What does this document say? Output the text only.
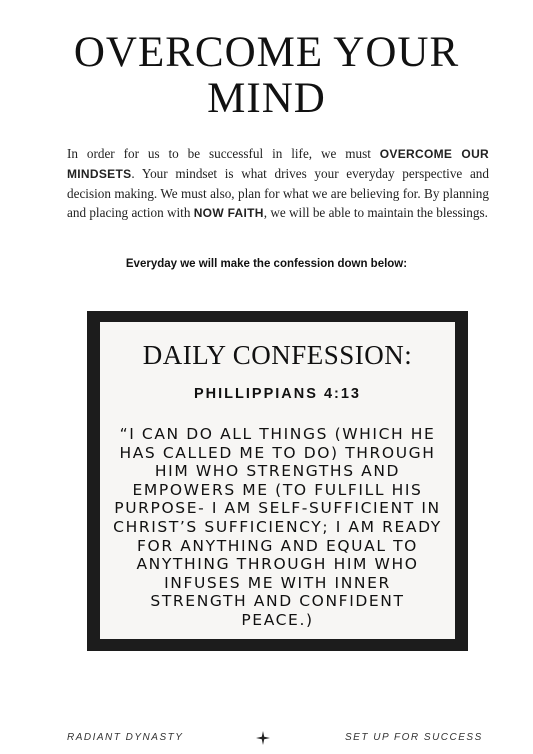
OVERCOME YOUR
MIND
In order for us to be successful in life, we must OVERCOME OUR MINDSETS. Your mindset is what drives your everyday perspective and decision making. We must also, plan for what we are believing for. By planning and placing action with NOW FAITH, we will be able to maintain the blessings.
Everyday we will make the confession down below:
DAILY CONFESSION:
PHILLIPPIANS 4:13
“I CAN DO ALL THINGS (WHICH HE
HAS CALLED ME TO DO) THROUGH
HIM WHO STRENGTHS AND
EMPOWERS ME (TO FULFILL HIS
PURPOSE- I AM SELF-SUFFICIENT IN
CHRIST’S SUFFICIENCY; I AM READY
FOR ANYTHING AND EQUAL TO
ANYTHING THROUGH HIM WHO
INFUSES ME WITH INNER
STRENGTH AND CONFIDENT
PEACE.)
RADIANT DYNASTY	SET UP FOR SUCCESS
